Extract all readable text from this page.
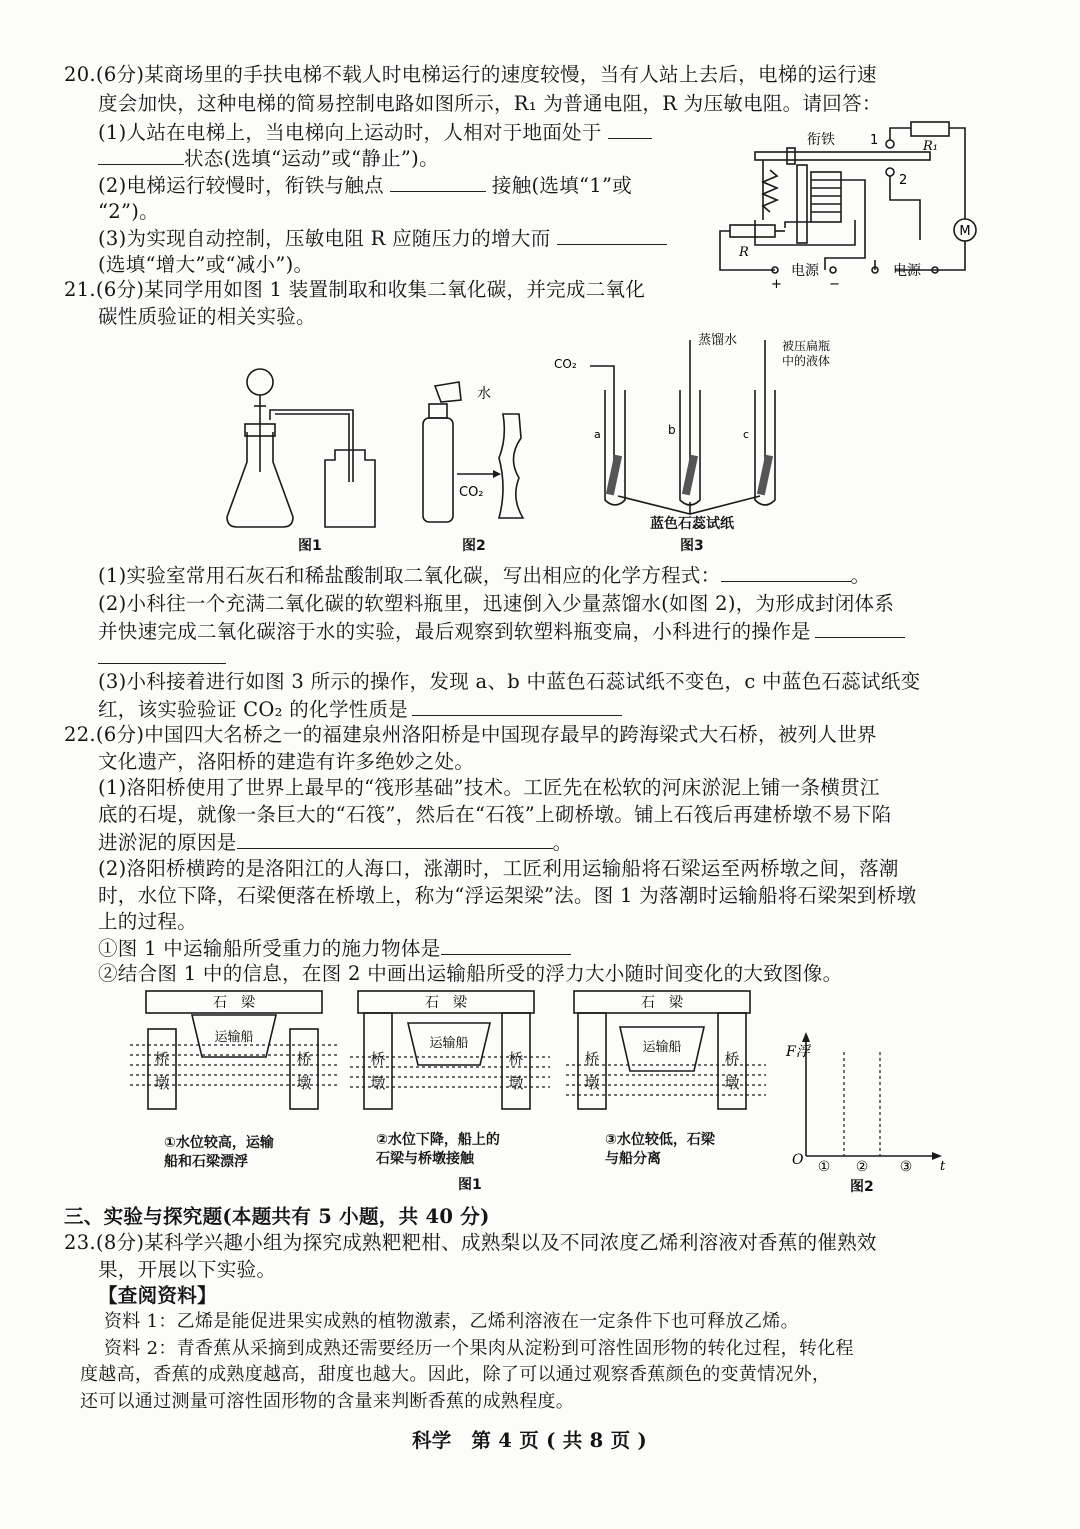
20.(6分)某商场里的手扶电梯不载人时电梯运行的速度较慢，当有人站上去后，电梯的运行速
度会加快，这种电梯的简易控制电路如图所示，R₁ 为普通电阻，R 为压敏电阻。请回答：
(1)人站在电梯上，当电梯向上运动时，人相对于地面处于
状态(选填“运动”或“静止”)。
(2)电梯运行较慢时，衔铁与触点	接触(选填“1”或
“2”)。
(3)为实现自动控制，压敏电阻 R 应随压力的增大而
(选填“增大”或“减小”)。
M
衔铁	1
2
R₁
R
电源	电源
+	−
21.(6分)某同学用如图 1 装置制取和收集二氧化碳，并完成二氧化
碳性质验证的相关实验。
图1
CO₂
水
图2
CO₂
a	b	c
蒸馏水	被压扁瓶
中的液体
蓝色石蕊试纸
图3
(1)实验室常用石灰石和稀盐酸制取二氧化碳，写出相应的化学方程式：	。
(2)小科往一个充满二氧化碳的软塑料瓶里，迅速倒入少量蒸馏水(如图 2)，为形成封闭体系
并快速完成二氧化碳溶于水的实验，最后观察到软塑料瓶变扁，小科进行的操作是
(3)小科接着进行如图 3 所示的操作，发现 a、b 中蓝色石蕊试纸不变色，c 中蓝色石蕊试纸变
红，该实验验证 CO₂ 的化学性质是
22.(6分)中国四大名桥之一的福建泉州洛阳桥是中国现存最早的跨海梁式大石桥，被列人世界
文化遗产，洛阳桥的建造有许多绝妙之处。
(1)洛阳桥使用了世界上最早的“筏形基础”技术。工匠先在松软的河床淤泥上铺一条横贯江
底的石堤，就像一条巨大的“石筏”，然后在“石筏”上砌桥墩。铺上石筏后再建桥墩不易下陷
进淤泥的原因是	。
(2)洛阳桥横跨的是洛阳江的人海口，涨潮时，工匠利用运输船将石梁运至两桥墩之间，落潮
时，水位下降，石梁便落在桥墩上，称为“浮运架梁”法。图 1 为落潮时运输船将石梁架到桥墩
上的过程。
①图 1 中运输船所受重力的施力物体是
②结合图 1 中的信息，在图 2 中画出运输船所受的浮力大小随时间变化的大致图像。
石　梁	石　梁	石　梁
运输船	运输船	运输船
桥墩
桥墩
桥墩
桥墩
桥墩
桥墩
①水位较高，运输
船和石梁漂浮
②水位下降，船上的
石梁与桥墩接触
③水位较低，石梁
与船分离
图1
F浮
O	t
① ② ③
图2
三、实验与探究题(本题共有 5 小题，共 40 分)
23.(8分)某科学兴趣小组为探究成熟粑粑柑、成熟梨以及不同浓度乙烯利溶液对香蕉的催熟效
果，开展以下实验。
【查阅资料】
资料 1：乙烯是能促进果实成熟的植物激素，乙烯利溶液在一定条件下也可释放乙烯。
资料 2：青香蕉从采摘到成熟还需要经历一个果肉从淀粉到可溶性固形物的转化过程，转化程
度越高，香蕉的成熟度越高，甜度也越大。因此，除了可以通过观察香蕉颜色的变黄情况外，
还可以通过测量可溶性固形物的含量来判断香蕉的成熟程度。
科学　第 4 页 ( 共 8 页 )
